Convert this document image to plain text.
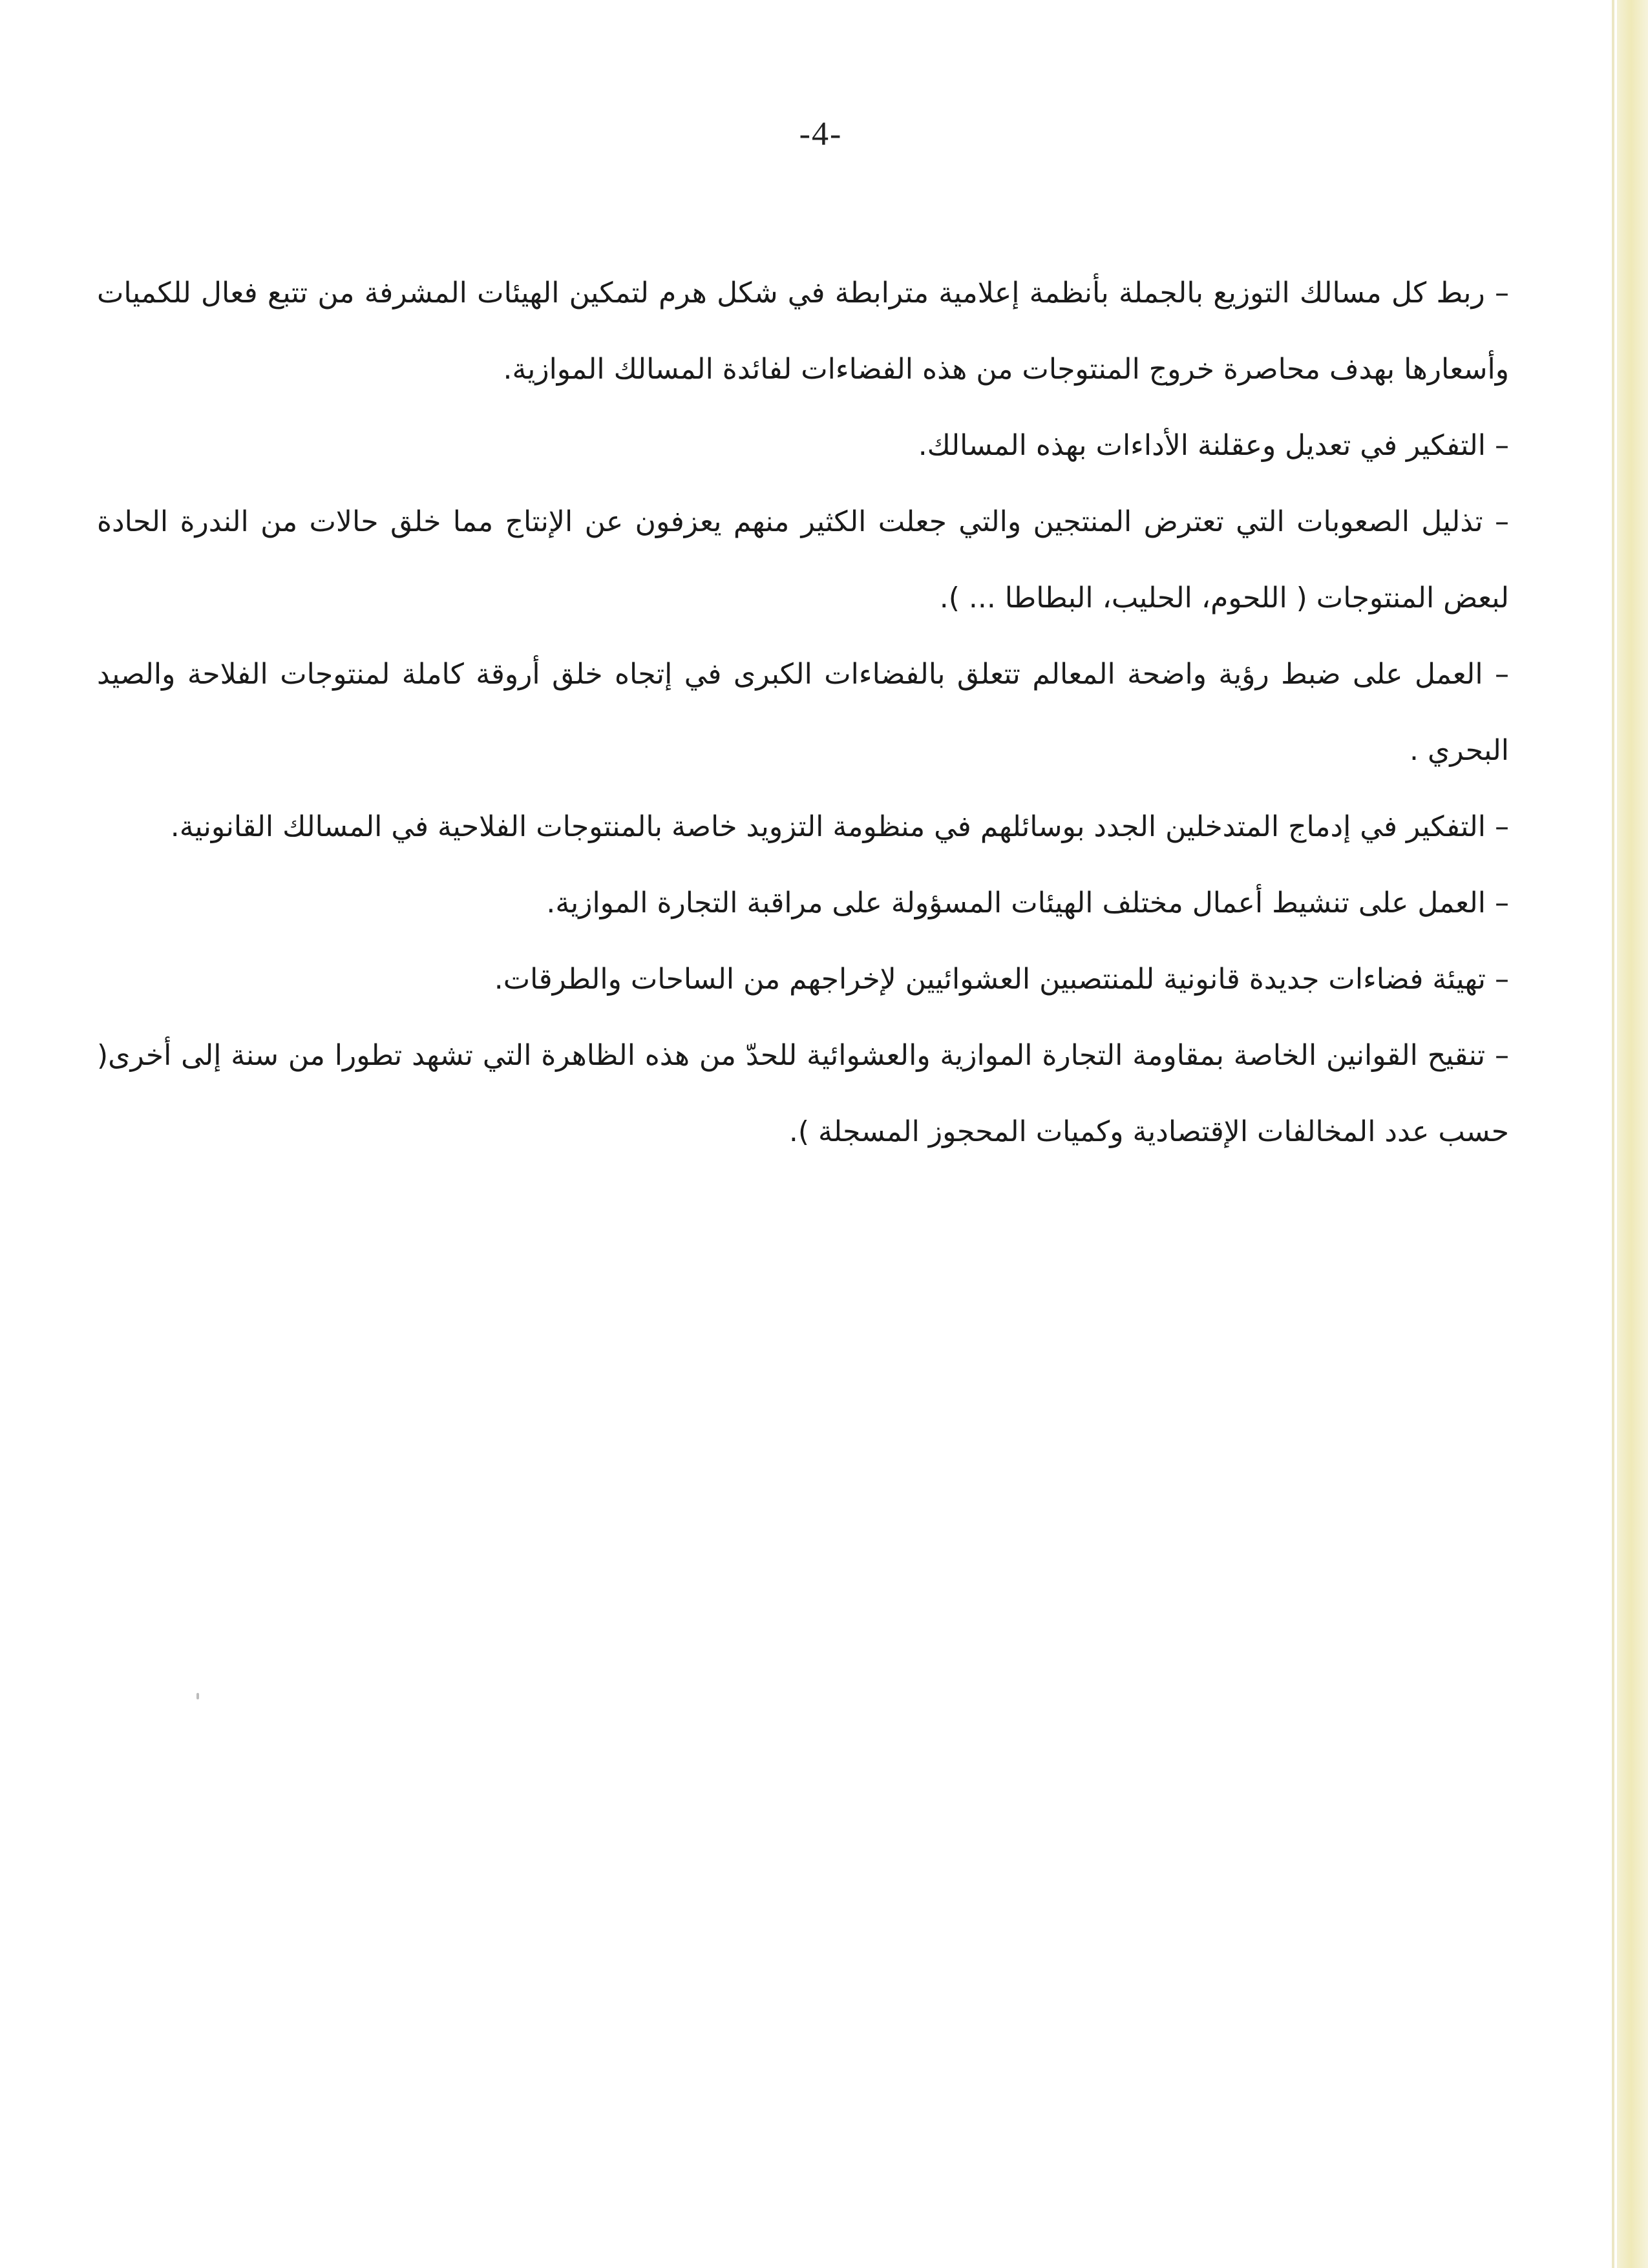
-4-

– ربط كل مسالك التوزيع بالجملة بأنظمة إعلامية مترابطة في شكل هرم لتمكين الهيئات المشرفة من تتبع فعال للكميات وأسعارها بهدف محاصرة خروج المنتوجات من هذه الفضاءات لفائدة المسالك الموازية.

– التفكير في تعديل وعقلنة الأداءات بهذه المسالك.

– تذليل الصعوبات التي تعترض المنتجين والتي جعلت الكثير منهم يعزفون عن الإنتاج مما خلق حالات من الندرة الحادة لبعض المنتوجات ( اللحوم، الحليب، البطاطا ... ).

– العمل على ضبط رؤية واضحة المعالم تتعلق بالفضاءات الكبرى في إتجاه خلق أروقة كاملة لمنتوجات الفلاحة والصيد البحري .

– التفكير في إدماج المتدخلين الجدد بوسائلهم في منظومة التزويد خاصة بالمنتوجات الفلاحية في المسالك القانونية.

– العمل على تنشيط أعمال مختلف الهيئات المسؤولة على مراقبة التجارة الموازية.

– تهيئة فضاءات جديدة قانونية للمنتصبين العشوائيين لإخراجهم من الساحات والطرقات.

– تنقيح القوانين الخاصة بمقاومة التجارة الموازية والعشوائية للحدّ من هذه الظاهرة التي تشهد تطورا من سنة إلى أخرى( حسب عدد المخالفات الإقتصادية وكميات المحجوز المسجلة ).
